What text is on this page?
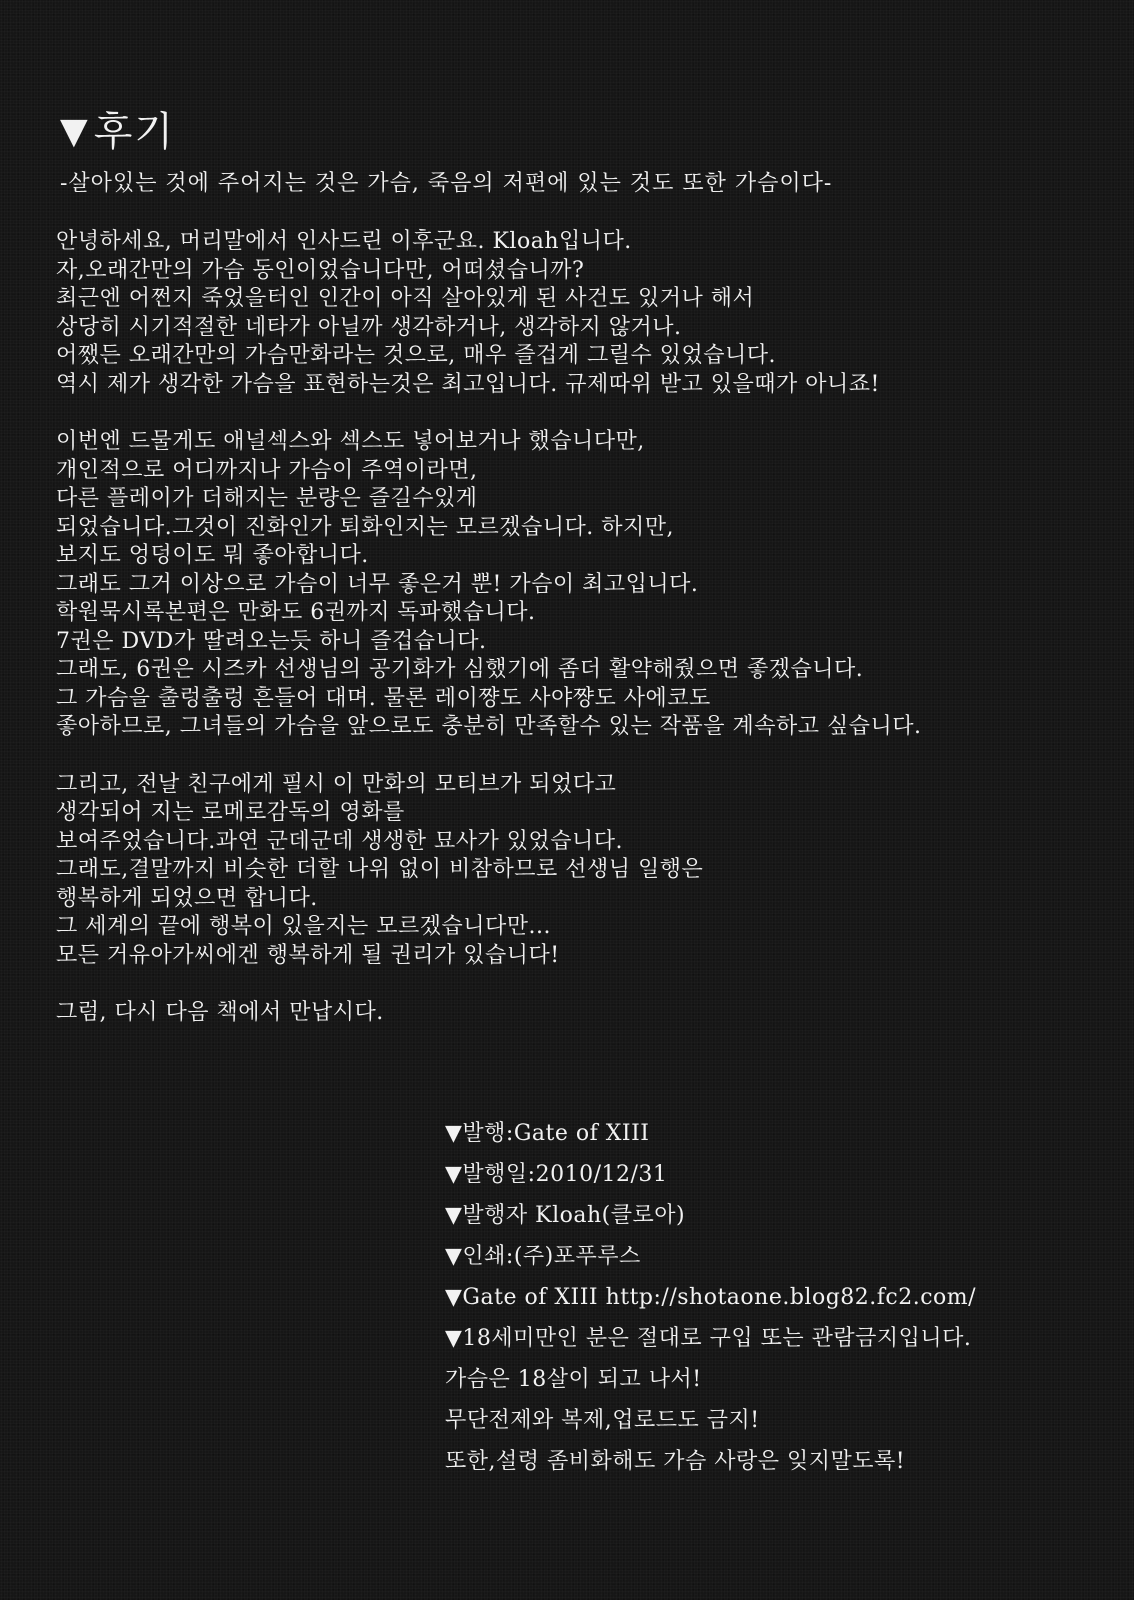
▼ 후기
-살아있는 것에 주어지는 것은 가슴, 죽음의 저편에 있는 것도 또한 가슴이다-
안녕하세요, 머리말에서 인사드린 이후군요. Kloah입니다.
자,오래간만의 가슴 동인이었습니다만, 어떠셨습니까?
최근엔 어쩐지 죽었을터인 인간이 아직 살아있게 된 사건도 있거나 해서
상당히 시기적절한 네타가 아닐까 생각하거나, 생각하지 않거나.
어쨌든 오래간만의 가슴만화라는 것으로, 매우 즐겁게 그릴수 있었습니다.
역시 제가 생각한 가슴을 표현하는것은 최고입니다. 규제따위 받고 있을때가 아니죠!
이번엔 드물게도 애널섹스와 섹스도 넣어보거나 했습니다만,
개인적으로 어디까지나 가슴이 주역이라면,
다른 플레이가 더해지는 분량은 즐길수있게
되었습니다.그것이 진화인가 퇴화인지는 모르겠습니다. 하지만,
보지도 엉덩이도 뭐 좋아합니다.
그래도 그거 이상으로 가슴이 너무 좋은거 뿐! 가슴이 최고입니다.
학원묵시록본편은 만화도 6권까지 독파했습니다.
7권은 DVD가 딸려오는듯 하니 즐겁습니다.
그래도, 6권은 시즈카 선생님의 공기화가 심했기에 좀더 활약해줬으면 좋겠습니다.
그 가슴을 출렁출렁 흔들어 대며. 물론 레이쨩도 사야쨩도 사에코도
좋아하므로, 그녀들의 가슴을 앞으로도 충분히 만족할수 있는 작품을 계속하고 싶습니다.
그리고, 전날 친구에게 필시 이 만화의 모티브가 되었다고
생각되어 지는 로메로감독의 영화를
보여주었습니다.과연 군데군데 생생한 묘사가 있었습니다.
그래도,결말까지 비슷한 더할 나위 없이 비참하므로 선생님 일행은
행복하게 되었으면 합니다.
그 세계의 끝에 행복이 있을지는 모르겠습니다만...
모든 거유아가씨에겐 행복하게 될 권리가 있습니다!
그럼, 다시 다음 책에서 만납시다.
▼발행:Gate of XIII
▼발행일:2010/12/31
▼발행자 Kloah(클로아)
▼인쇄:(주)포푸루스
▼Gate of XIII http://shotaone.blog82.fc2.com/
▼18세미만인 분은 절대로 구입 또는 관람금지입니다.
가슴은 18살이 되고 나서!
무단전제와 복제,업로드도 금지!
또한,설령 좀비화해도 가슴 사랑은 잊지말도록!
